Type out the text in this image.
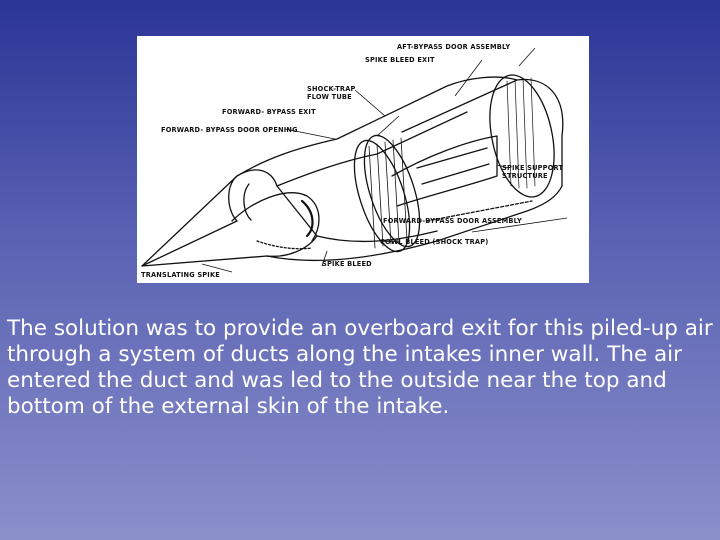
AFT-BYPASS DOOR ASSEMBLY
SPIKE BLEED EXIT
SHOCK-TRAP
FLOW TUBE
FORWARD- BYPASS EXIT
FORWARD- BYPASS DOOR OPENING
SPIKE SUPPORT
STRUCTURE
FORWARD-BYPASS DOOR ASSEMBLY
COWL BLEED (SHOCK TRAP)
SPIKE BLEED
TRANSLATING SPIKE
The solution was to provide an overboard exit for this piled-up air through a system of ducts along the intakes inner wall. The air entered the duct and was led to the outside near the top and bottom of the external skin of the intake.
